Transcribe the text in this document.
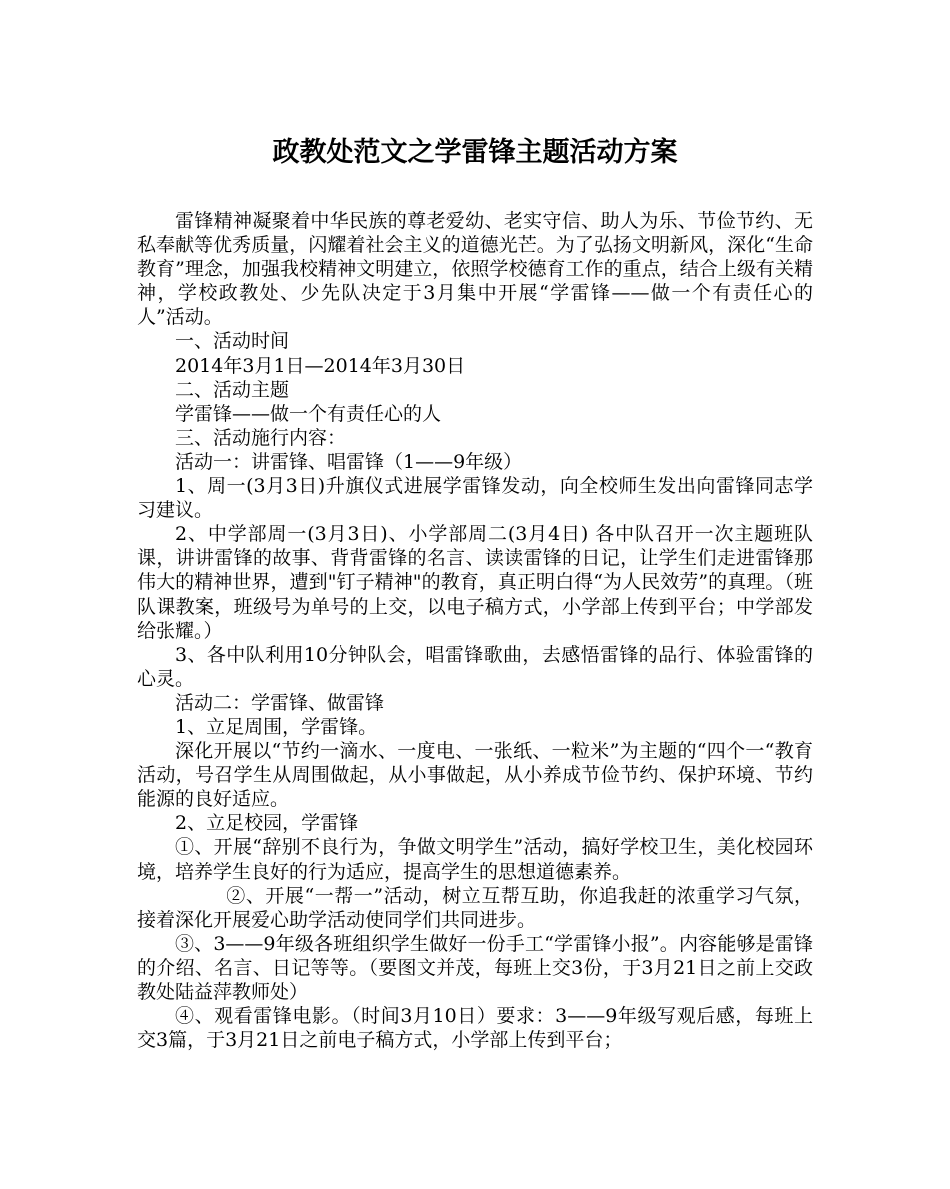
政教处范文之学雷锋主题活动方案

雷锋精神凝聚着中华民族的尊老爱幼、老实守信、助人为乐、节俭节约、无私奉献等优秀质量，闪耀着社会主义的道德光芒。为了弘扬文明新风，深化“生命教育”理念，加强我校精神文明建立，依照学校德育工作的重点，结合上级有关精神，学校政教处、少先队决定于3月集中开展“学雷锋——做一个有责任心的人”活动。

一、活动时间

2014年3月1日—2014年3月30日

二、活动主题

学雷锋——做一个有责任心的人

三、活动施行内容：

活动一：讲雷锋、唱雷锋（1——9年级）

1、周一(3月3日)升旗仪式进展学雷锋发动，向全校师生发出向雷锋同志学习建议。

2、中学部周一(3月3日)、小学部周二(3月4日) 各中队召开一次主题班队课，讲讲雷锋的故事、背背雷锋的名言、读读雷锋的日记，让学生们走进雷锋那伟大的精神世界，遭到"钉子精神"的教育，真正明白得“为人民效劳”的真理。（班队课教案，班级号为单号的上交，以电子稿方式，小学部上传到平台；中学部发给张耀。）

3、各中队利用10分钟队会，唱雷锋歌曲，去感悟雷锋的品行、体验雷锋的心灵。

活动二：学雷锋、做雷锋

1、立足周围，学雷锋。

深化开展以“节约一滴水、一度电、一张纸、一粒米”为主题的“四个一“教育活动，号召学生从周围做起，从小事做起，从小养成节俭节约、保护环境、节约能源的良好适应。

2、立足校园，学雷锋

①、开展“辞别不良行为，争做文明学生”活动，搞好学校卫生，美化校园环境，培养学生良好的行为适应，提高学生的思想道德素养。

②、开展“一帮一”活动，树立互帮互助，你追我赶的浓重学习气氛，接着深化开展爱心助学活动使同学们共同进步。

③、3——9年级各班组织学生做好一份手工“学雷锋小报”。内容能够是雷锋的介绍、名言、日记等等。（要图文并茂，每班上交3份，于3月21日之前上交政教处陆益萍教师处）

④、观看雷锋电影。（时间3月10日）要求：3——9年级写观后感，每班上交3篇，于3月21日之前电子稿方式，小学部上传到平台；
